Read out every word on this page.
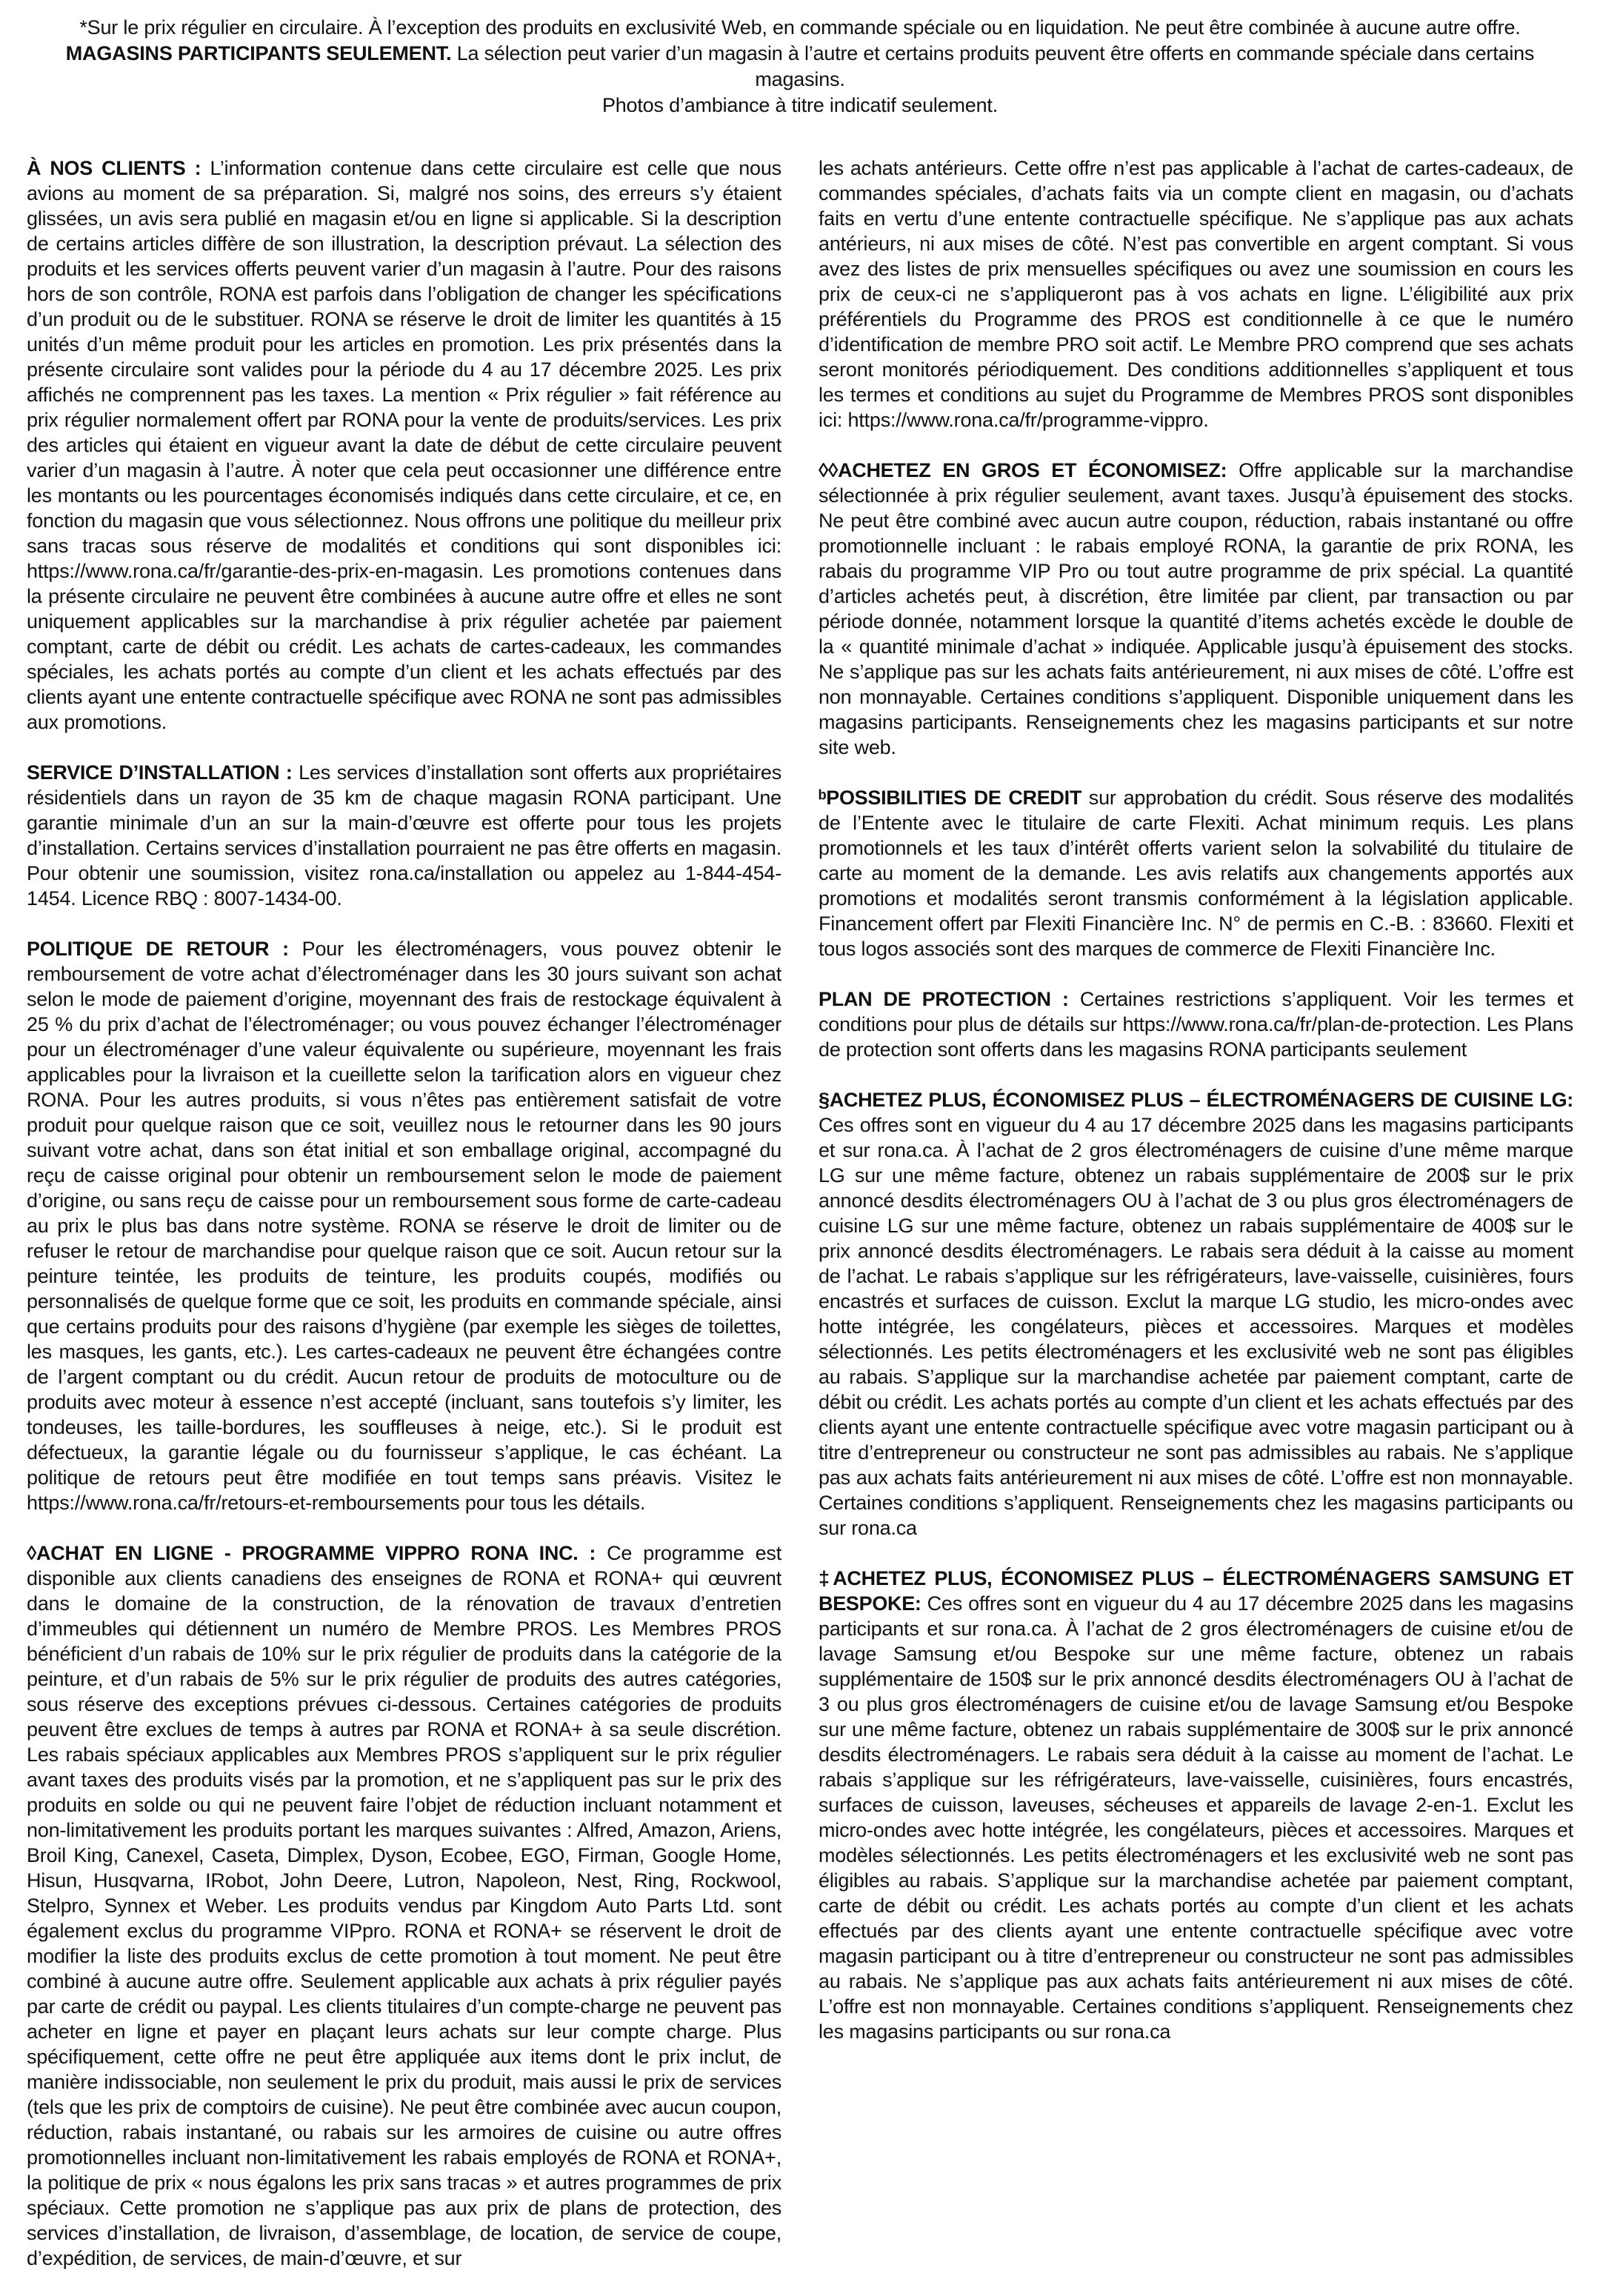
*Sur le prix régulier en circulaire. À l’exception des produits en exclusivité Web, en commande spéciale ou en liquidation. Ne peut être combinée à aucune autre offre.
MAGASINS PARTICIPANTS SEULEMENT. La sélection peut varier d’un magasin à l’autre et certains produits peuvent être offerts en commande spéciale dans certains magasins.
Photos d’ambiance à titre indicatif seulement.

À NOS CLIENTS : L’information contenue dans cette circulaire est celle que nous avions au moment de sa préparation. Si, malgré nos soins, des erreurs s’y étaient glissées, un avis sera publié en magasin et/ou en ligne si applicable. Si la description de certains articles diffère de son illustration, la description prévaut. La sélection des produits et les services offerts peuvent varier d’un magasin à l’autre. Pour des raisons hors de son contrôle, RONA est parfois dans l’obligation de changer les spécifications d’un produit ou de le substituer. RONA se réserve le droit de limiter les quantités à 15 unités d’un même produit pour les articles en promotion. Les prix présentés dans la présente circulaire sont valides pour la période du 4 au 17 décembre 2025. Les prix affichés ne comprennent pas les taxes. La mention « Prix régulier » fait référence au prix régulier normalement offert par RONA pour la vente de produits/services. Les prix des articles qui étaient en vigueur avant la date de début de cette circulaire peuvent varier d’un magasin à l’autre. À noter que cela peut occasionner une différence entre les montants ou les pourcentages économisés indiqués dans cette circulaire, et ce, en fonction du magasin que vous sélectionnez. Nous offrons une politique du meilleur prix sans tracas sous réserve de modalités et conditions qui sont disponibles ici: https://www.rona.ca/fr/garantie-des-prix-en-magasin. Les promotions contenues dans la présente circulaire ne peuvent être combinées à aucune autre offre et elles ne sont uniquement applicables sur la marchandise à prix régulier achetée par paiement comptant, carte de débit ou crédit. Les achats de cartes-cadeaux, les commandes spéciales, les achats portés au compte d’un client et les achats effectués par des clients ayant une entente contractuelle spécifique avec RONA ne sont pas admissibles aux promotions.

SERVICE D’INSTALLATION : Les services d’installation sont offerts aux propriétaires résidentiels dans un rayon de 35 km de chaque magasin RONA participant. Une garantie minimale d’un an sur la main-d’œuvre est offerte pour tous les projets d’installation. Certains services d’installation pourraient ne pas être offerts en magasin. Pour obtenir une soumission, visitez rona.ca/installation ou appelez au 1-844-454-1454. Licence RBQ : 8007-1434-00.

POLITIQUE DE RETOUR : Pour les électroménagers, vous pouvez obtenir le remboursement de votre achat d’électroménager dans les 30 jours suivant son achat selon le mode de paiement d’origine, moyennant des frais de restockage équivalent à 25 % du prix d’achat de l’électroménager; ou vous pouvez échanger l’électroménager pour un électroménager d’une valeur équivalente ou supérieure, moyennant les frais applicables pour la livraison et la cueillette selon la tarification alors en vigueur chez RONA. Pour les autres produits, si vous n’êtes pas entièrement satisfait de votre produit pour quelque raison que ce soit, veuillez nous le retourner dans les 90 jours suivant votre achat, dans son état initial et son emballage original, accompagné du reçu de caisse original pour obtenir un remboursement selon le mode de paiement d’origine, ou sans reçu de caisse pour un remboursement sous forme de carte-cadeau au prix le plus bas dans notre système. RONA se réserve le droit de limiter ou de refuser le retour de marchandise pour quelque raison que ce soit. Aucun retour sur la peinture teintée, les produits de teinture, les produits coupés, modifiés ou personnalisés de quelque forme que ce soit, les produits en commande spéciale, ainsi que certains produits pour des raisons d’hygiène (par exemple les sièges de toilettes, les masques, les gants, etc.). Les cartes-cadeaux ne peuvent être échangées contre de l’argent comptant ou du crédit. Aucun retour de produits de motoculture ou de produits avec moteur à essence n’est accepté (incluant, sans toutefois s’y limiter, les tondeuses, les taille-bordures, les souffleuses à neige, etc.). Si le produit est défectueux, la garantie légale ou du fournisseur s’applique, le cas échéant. La politique de retours peut être modifiée en tout temps sans préavis. Visitez le https://www.rona.ca/fr/retours-et-remboursements pour tous les détails.

◊ACHAT EN LIGNE - PROGRAMME VIPPRO RONA INC. : Ce programme est disponible aux clients canadiens des enseignes de RONA et RONA+ qui œuvrent dans le domaine de la construction, de la rénovation de travaux d’entretien d’immeubles qui détiennent un numéro de Membre PROS. Les Membres PROS bénéficient d’un rabais de 10% sur le prix régulier de produits dans la catégorie de la peinture, et d’un rabais de 5% sur le prix régulier de produits des autres catégories, sous réserve des exceptions prévues ci-dessous. Certaines catégories de produits peuvent être exclues de temps à autres par RONA et RONA+ à sa seule discrétion. Les rabais spéciaux applicables aux Membres PROS s’appliquent sur le prix régulier avant taxes des produits visés par la promotion, et ne s’appliquent pas sur le prix des produits en solde ou qui ne peuvent faire l’objet de réduction incluant notamment et non-limitativement les produits portant les marques suivantes : Alfred, Amazon, Ariens, Broil King, Canexel, Caseta, Dimplex, Dyson, Ecobee, EGO, Firman, Google Home, Hisun, Husqvarna, IRobot, John Deere, Lutron, Napoleon, Nest, Ring, Rockwool, Stelpro, Synnex et Weber. Les produits vendus par Kingdom Auto Parts Ltd. sont également exclus du programme VIPpro. RONA et RONA+ se réservent le droit de modifier la liste des produits exclus de cette promotion à tout moment. Ne peut être combiné à aucune autre offre. Seulement applicable aux achats à prix régulier payés par carte de crédit ou paypal. Les clients titulaires d’un compte-charge ne peuvent pas acheter en ligne et payer en plaçant leurs achats sur leur compte charge. Plus spécifiquement, cette offre ne peut être appliquée aux items dont le prix inclut, de manière indissociable, non seulement le prix du produit, mais aussi le prix de services (tels que les prix de comptoirs de cuisine). Ne peut être combinée avec aucun coupon, réduction, rabais instantané, ou rabais sur les armoires de cuisine ou autre offres promotionnelles incluant non-limitativement les rabais employés de RONA et RONA+, la politique de prix « nous égalons les prix sans tracas » et autres programmes de prix spéciaux. Cette promotion ne s’applique pas aux prix de plans de protection, des services d’installation, de livraison, d’assemblage, de location, de service de coupe, d’expédition, de services, de main-d’œuvre, et sur

les achats antérieurs. Cette offre n’est pas applicable à l’achat de cartes-cadeaux, de commandes spéciales, d’achats faits via un compte client en magasin, ou d’achats faits en vertu d’une entente contractuelle spécifique. Ne s’applique pas aux achats antérieurs, ni aux mises de côté. N’est pas convertible en argent comptant. Si vous avez des listes de prix mensuelles spécifiques ou avez une soumission en cours les prix de ceux-ci ne s’appliqueront pas à vos achats en ligne. L’éligibilité aux prix préférentiels du Programme des PROS est conditionnelle à ce que le numéro d’identification de membre PRO soit actif. Le Membre PRO comprend que ses achats seront monitorés périodiquement. Des conditions additionnelles s’appliquent et tous les termes et conditions au sujet du Programme de Membres PROS sont disponibles ici: https://www.rona.ca/fr/programme-vippro.

◊◊ACHETEZ EN GROS ET ÉCONOMISEZ: Offre applicable sur la marchandise sélectionnée à prix régulier seulement, avant taxes. Jusqu’à épuisement des stocks. Ne peut être combiné avec aucun autre coupon, réduction, rabais instantané ou offre promotionnelle incluant : le rabais employé RONA, la garantie de prix RONA, les rabais du programme VIP Pro ou tout autre programme de prix spécial. La quantité d’articles achetés peut, à discrétion, être limitée par client, par transaction ou par période donnée, notamment lorsque la quantité d’items achetés excède le double de la « quantité minimale d’achat » indiquée. Applicable jusqu’à épuisement des stocks. Ne s’applique pas sur les achats faits antérieurement, ni aux mises de côté. L’offre est non monnayable. Certaines conditions s’appliquent. Disponible uniquement dans les magasins participants. Renseignements chez les magasins participants et sur notre site web.

ᵇPOSSIBILITIES DE CREDIT sur approbation du crédit. Sous réserve des modalités de l’Entente avec le titulaire de carte Flexiti. Achat minimum requis. Les plans promotionnels et les taux d’intérêt offerts varient selon la solvabilité du titulaire de carte au moment de la demande. Les avis relatifs aux changements apportés aux promotions et modalités seront transmis conformément à la législation applicable. Financement offert par Flexiti Financière Inc. N° de permis en C.-B. : 83660. Flexiti et tous logos associés sont des marques de commerce de Flexiti Financière Inc.

PLAN DE PROTECTION : Certaines restrictions s’appliquent. Voir les termes et conditions pour plus de détails sur https://www.rona.ca/fr/plan-de-protection. Les Plans de protection sont offerts dans les magasins RONA participants seulement

§ACHETEZ PLUS, ÉCONOMISEZ PLUS – ÉLECTROMÉNAGERS DE CUISINE LG: Ces offres sont en vigueur du 4 au 17 décembre 2025 dans les magasins participants et sur rona.ca. À l’achat de 2 gros électroménagers de cuisine d’une même marque LG sur une même facture, obtenez un rabais supplémentaire de 200$ sur le prix annoncé desdits électroménagers OU à l’achat de 3 ou plus gros électroménagers de cuisine LG sur une même facture, obtenez un rabais supplémentaire de 400$ sur le prix annoncé desdits électroménagers. Le rabais sera déduit à la caisse au moment de l’achat. Le rabais s’applique sur les réfrigérateurs, lave-vaisselle, cuisinières, fours encastrés et surfaces de cuisson. Exclut la marque LG studio, les micro-ondes avec hotte intégrée, les congélateurs, pièces et accessoires. Marques et modèles sélectionnés. Les petits électroménagers et les exclusivité web ne sont pas éligibles au rabais. S’applique sur la marchandise achetée par paiement comptant, carte de débit ou crédit. Les achats portés au compte d’un client et les achats effectués par des clients ayant une entente contractuelle spécifique avec votre magasin participant ou à titre d’entrepreneur ou constructeur ne sont pas admissibles au rabais. Ne s’applique pas aux achats faits antérieurement ni aux mises de côté. L’offre est non monnayable. Certaines conditions s’appliquent. Renseignements chez les magasins participants ou sur rona.ca

‡ACHETEZ PLUS, ÉCONOMISEZ PLUS – ÉLECTROMÉNAGERS SAMSUNG ET BESPOKE: Ces offres sont en vigueur du 4 au 17 décembre 2025 dans les magasins participants et sur rona.ca. À l’achat de 2 gros électroménagers de cuisine et/ou de lavage Samsung et/ou Bespoke sur une même facture, obtenez un rabais supplémentaire de 150$ sur le prix annoncé desdits électroménagers OU à l’achat de 3 ou plus gros électroménagers de cuisine et/ou de lavage Samsung et/ou Bespoke sur une même facture, obtenez un rabais supplémentaire de 300$ sur le prix annoncé desdits électroménagers. Le rabais sera déduit à la caisse au moment de l’achat. Le rabais s’applique sur les réfrigérateurs, lave-vaisselle, cuisinières, fours encastrés, surfaces de cuisson, laveuses, sécheuses et appareils de lavage 2-en-1. Exclut les micro-ondes avec hotte intégrée, les congélateurs, pièces et accessoires. Marques et modèles sélectionnés. Les petits électroménagers et les exclusivité web ne sont pas éligibles au rabais. S’applique sur la marchandise achetée par paiement comptant, carte de débit ou crédit. Les achats portés au compte d’un client et les achats effectués par des clients ayant une entente contractuelle spécifique avec votre magasin participant ou à titre d’entrepreneur ou constructeur ne sont pas admissibles au rabais. Ne s’applique pas aux achats faits antérieurement ni aux mises de côté. L’offre est non monnayable. Certaines conditions s’appliquent. Renseignements chez les magasins participants ou sur rona.ca
